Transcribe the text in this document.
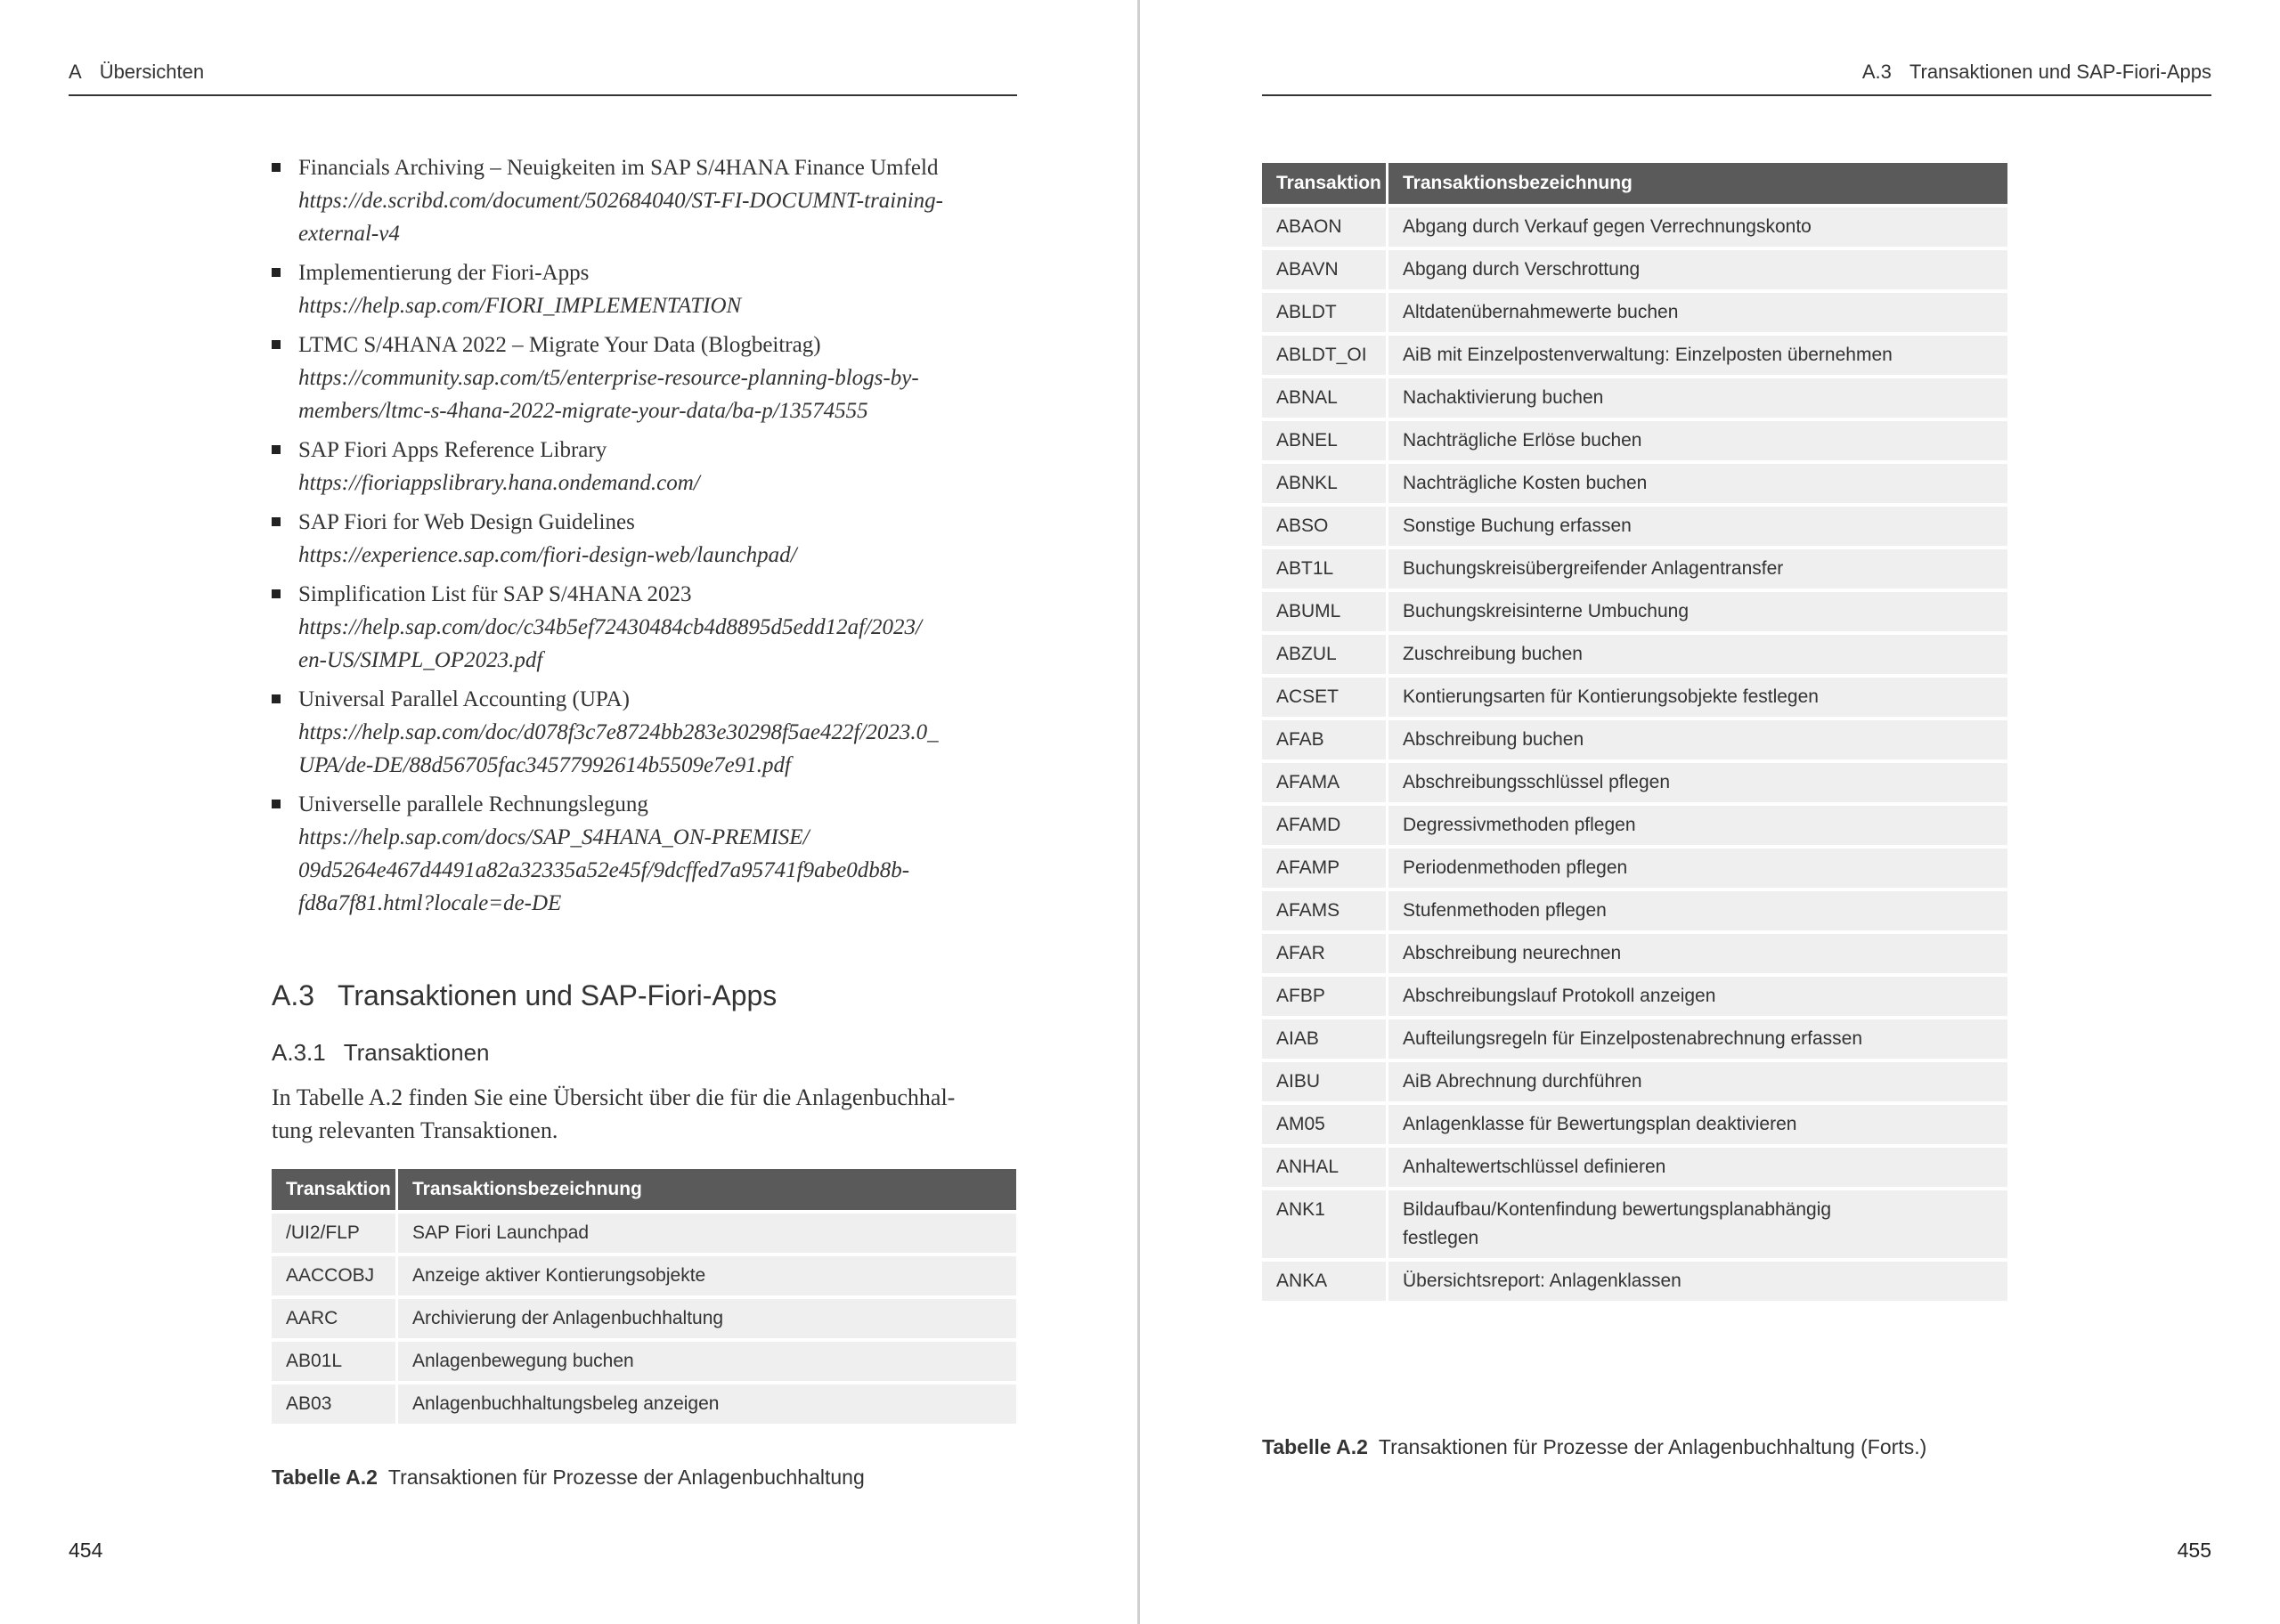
A Übersichten
Financials Archiving – Neuigkeiten im SAP S/4HANA Finance Umfeld
https://de.scribd.com/document/502684040/ST-FI-DOCUMNT-training-
external-v4
Implementierung der Fiori-Apps
https://help.sap.com/FIORI_IMPLEMENTATION
LTMC S/4HANA 2022 – Migrate Your Data (Blogbeitrag)
https://community.sap.com/t5/enterprise-resource-planning-blogs-by-
members/ltmc-s-4hana-2022-migrate-your-data/ba-p/13574555
SAP Fiori Apps Reference Library
https://fioriappslibrary.hana.ondemand.com/
SAP Fiori for Web Design Guidelines
https://experience.sap.com/fiori-design-web/launchpad/
Simplification List für SAP S/4HANA 2023
https://help.sap.com/doc/c34b5ef72430484cb4d8895d5edd12af/2023/
en-US/SIMPL_OP2023.pdf
Universal Parallel Accounting (UPA)
https://help.sap.com/doc/d078f3c7e8724bb283e30298f5ae422f/2023.0_
UPA/de-DE/88d56705fac34577992614b5509e7e91.pdf
Universelle parallele Rechnungslegung
https://help.sap.com/docs/SAP_S4HANA_ON-PREMISE/
09d5264e467d4491a82a32335a52e45f/9dcffed7a95741f9abe0db8b-
fd8a7f81.html?locale=de-DE
A.3 Transaktionen und SAP-Fiori-Apps
A.3.1 Transaktionen

In Tabelle A.2 finden Sie eine Übersicht über die für die Anlagenbuchhal-
tung relevanten Transaktionen.

Transaktion	Transaktionsbezeichnung
/UI2/FLP	SAP Fiori Launchpad
AACCOBJ	Anzeige aktiver Kontierungsobjekte
AARC	Archivierung der Anlagenbuchhaltung
AB01L	Anlagenbewegung buchen
AB03	Anlagenbuchhaltungsbeleg anzeigen
Tabelle A.2 Transaktionen für Prozesse der Anlagenbuchhaltung
454
A.3 Transaktionen und SAP-Fiori-Apps
Transaktion	Transaktionsbezeichnung
ABAON	Abgang durch Verkauf gegen Verrechnungskonto
ABAVN	Abgang durch Verschrottung
ABLDT	Altdatenübernahmewerte buchen
ABLDT_OI	AiB mit Einzelpostenverwaltung: Einzelposten übernehmen
ABNAL	Nachaktivierung buchen
ABNEL	Nachträgliche Erlöse buchen
ABNKL	Nachträgliche Kosten buchen
ABSO	Sonstige Buchung erfassen
ABT1L	Buchungskreisübergreifender Anlagentransfer
ABUML	Buchungskreisinterne Umbuchung
ABZUL	Zuschreibung buchen
ACSET	Kontierungsarten für Kontierungsobjekte festlegen
AFAB	Abschreibung buchen
AFAMA	Abschreibungsschlüssel pflegen
AFAMD	Degressivmethoden pflegen
AFAMP	Periodenmethoden pflegen
AFAMS	Stufenmethoden pflegen
AFAR	Abschreibung neurechnen
AFBP	Abschreibungslauf Protokoll anzeigen
AIAB	Aufteilungsregeln für Einzelpostenabrechnung erfassen
AIBU	AiB Abrechnung durchführen
AM05	Anlagenklasse für Bewertungsplan deaktivieren
ANHAL	Anhaltewertschlüssel definieren
ANK1	Bildaufbau/Kontenfindung bewertungsplanabhängig
festlegen
ANKA	Übersichtsreport: Anlagenklassen
Tabelle A.2 Transaktionen für Prozesse der Anlagenbuchhaltung (Forts.)
455
